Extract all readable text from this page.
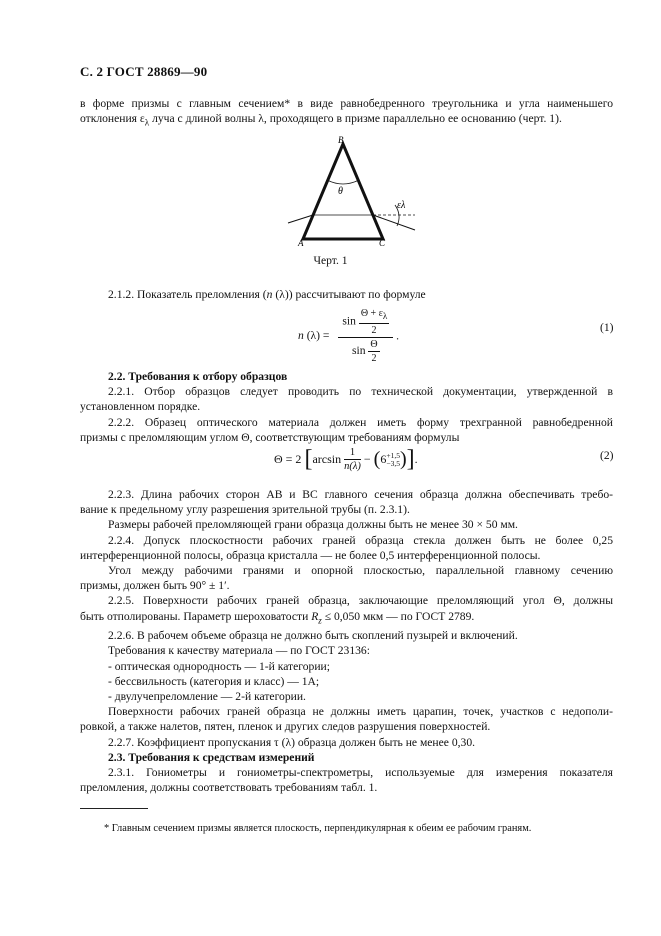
С. 2 ГОСТ 28869—90

в форме призмы с главным сечением* в виде равнобедренного треугольника и угла наименьшего

отклонения $\varepsilon_\lambda$ луча с длиной волны λ, проходящего в призме параллельно ее основанию (черт. 1).

B
θ
ελ
A	C
Черт. 1

2.1.2. Показатель преломления (n (λ)) рассчитывают по формуле

n $(\lambda) = \frac{\sin \frac{\Theta + \varepsilon_\lambda}{2}}{\sin \frac{\Theta}{2}}$ .
(1)

2.2. Требования к отбору образцов

2.2.1. Отбор образцов следует проводить по технической документации, утвержденной в

установленном порядке.

2.2.2. Образец оптического материала должен иметь форму трехгранной равнобедренной

призмы с преломляющим углом Θ, соответствующим требованиям формулы

Θ = 2 [$\arcsin \frac{1}{n(\lambda)} - (6 +1,5$
−3,5 )].	(2)

2.2.3. Длина рабочих сторон AB и BC главного сечения образца должна обеспечивать требо-

вание к предельному углу разрешения зрительной трубы (п. 2.3.1).

Размеры рабочей преломляющей грани образца должны быть не менее 30 × 50 мм.

2.2.4. Допуск плоскостности рабочих граней образца стекла должен быть не более 0,25

интерференционной полосы, образца кристалла — не более 0,5 интерференционной полосы.

Угол между рабочими гранями и опорной плоскостью, параллельной главному сечению

призмы, должен быть 90° ± 1′.

2.2.5. Поверхности рабочих граней образца, заключающие преломляющий угол Θ, должны

быть отполированы. Параметр шероховатости $R_z \le 0,050$ мкм — по ГОСТ 2789.

2.2.6. В рабочем объеме образца не должно быть скоплений пузырей и включений.

Требования к качеству материала — по ГОСТ 23136:

- оптическая однородность — 1-й категории;

- бессвильность (категория и класс) — 1А;

- двулучепреломление — 2-й категории.

Поверхности рабочих граней образца не должны иметь царапин, точек, участков с недополи-

ровкой, а также налетов, пятен, пленок и других следов разрушения поверхностей.

2.2.7. Коэффициент пропускания τ (λ) образца должен быть не менее 0,30.

2.3. Требования к средствам измерений

2.3.1. Гониометры и гониометры-спектрометры, используемые для измерения показателя

преломления, должны соответствовать требованиям табл. 1.

* Главным сечением призмы является плоскость, перпендикулярная к обеим ее рабочим граням.
